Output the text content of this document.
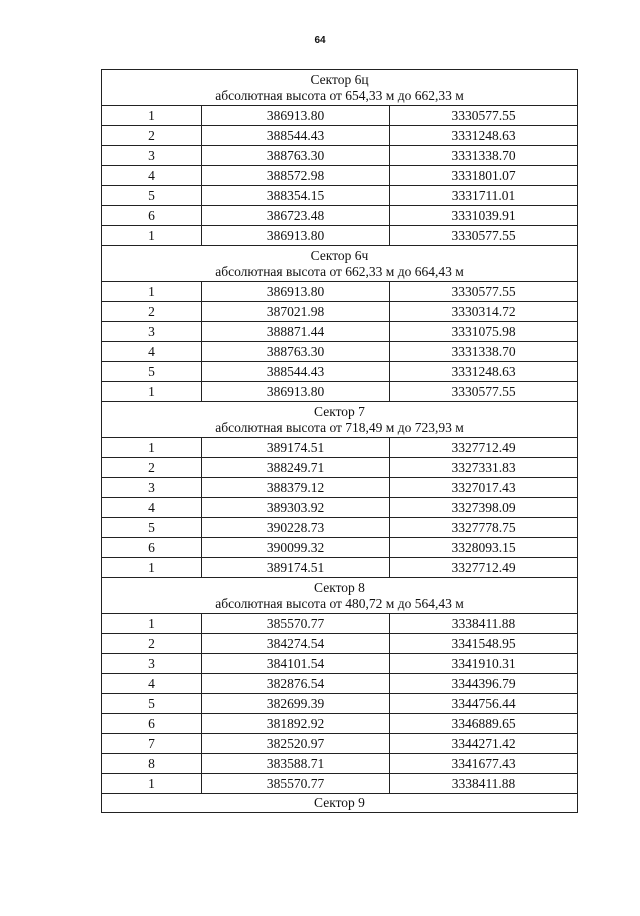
64
Сектор 6ц
абсолютная высота от 654,33 м до 662,33 м		

1	386913.80	3330577.55
2	388544.43	3331248.63
3	388763.30	3331338.70
4	388572.98	3331801.07
5	388354.15	3331711.01
6	386723.48	3331039.91
1	386913.80	3330577.55

Сектор 6ч
абсолютная высота от 662,33 м до 664,43 м		

1	386913.80	3330577.55
2	387021.98	3330314.72
3	388871.44	3331075.98
4	388763.30	3331338.70
5	388544.43	3331248.63
1	386913.80	3330577.55

Сектор 7
абсолютная высота от 718,49 м до 723,93 м		

1	389174.51	3327712.49
2	388249.71	3327331.83
3	388379.12	3327017.43
4	389303.92	3327398.09
5	390228.73	3327778.75
6	390099.32	3328093.15
1	389174.51	3327712.49

Сектор 8
абсолютная высота от 480,72 м до 564,43 м		

1	385570.77	3338411.88
2	384274.54	3341548.95
3	384101.54	3341910.31
4	382876.54	3344396.79
5	382699.39	3344756.44
6	381892.92	3346889.65
7	382520.97	3344271.42
8	383588.71	3341677.43
1	385570.77	3338411.88

Сектор 9		
